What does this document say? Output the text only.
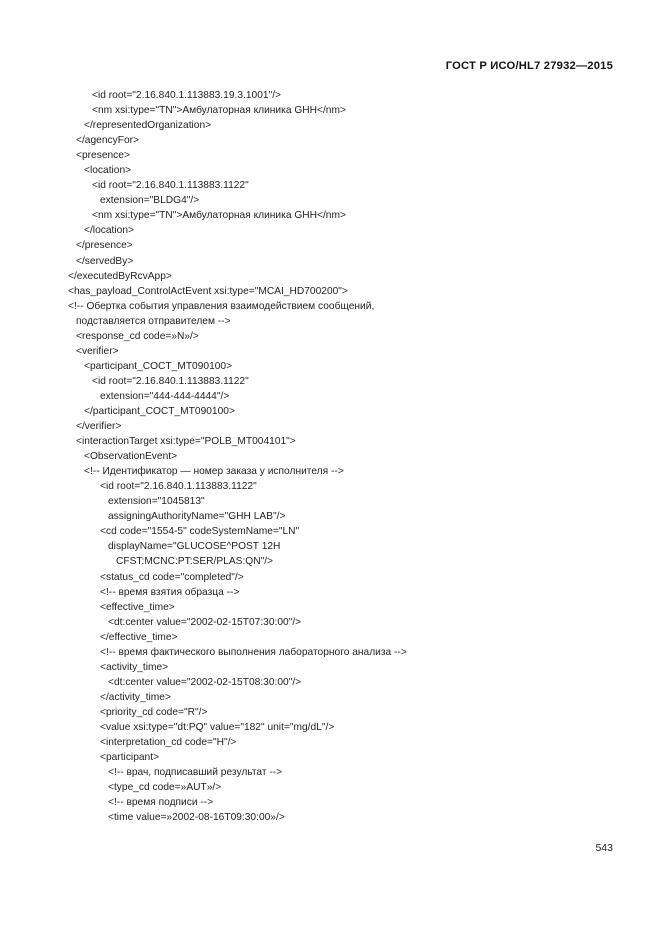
ГОСТ Р ИСО/HL7 27932—2015
<id root="2.16.840.1.113883.19.3.1001"/>
<nm xsi:type="TN">Амбулаторная клиника GHH</nm>
</representedOrganization>
</agencyFor>
<presence>
<location>
<id root="2.16.840.1.113883.1122"
extension="BLDG4"/>
<nm xsi:type="TN">Амбулаторная клиника GHH</nm>
</location>
</presence>
</servedBy>
</executedByRcvApp>
<has_payload_ControlActEvent xsi:type="MCAI_HD700200">
<!-- Обертка события управления взаимодействием сообщений,
подставляется отправителем -->
<response_cd code=»N»/>
<verifier>
<participant_COCT_MT090100>
<id root="2.16.840.1.113883.1122"
extension="444-444-4444"/>
</participant_COCT_MT090100>
</verifier>
<interactionTarget xsi:type="POLB_MT004101">
<ObservationEvent>
<!-- Идентификатор — номер заказа у исполнителя -->
<id root="2.16.840.1.113883.1122"
extension="1045813"
assigningAuthorityName="GHH LAB"/>
<cd code="1554-5" codeSystemName="LN"
displayName="GLUCOSE^POST 12H
CFST:MCNC:PT:SER/PLAS:QN"/>
<status_cd code="completed"/>
<!-- время взятия образца -->
<effective_time>
<dt:center value="2002-02-15T07:30:00"/>
</effective_time>
<!-- время фактического выполнения лабораторного анализа -->
<activity_time>
<dt:center value="2002-02-15T08:30:00"/>
</activity_time>
<priority_cd code="R"/>
<value xsi:type="dt:PQ" value="182" unit="mg/dL"/>
<interpretation_cd code="H"/>
<participant>
<!-- врач, подписавший результат -->
<type_cd code=»AUT»/>
<!-- время подписи -->
<time value=»2002-08-16T09:30:00»/>
543
